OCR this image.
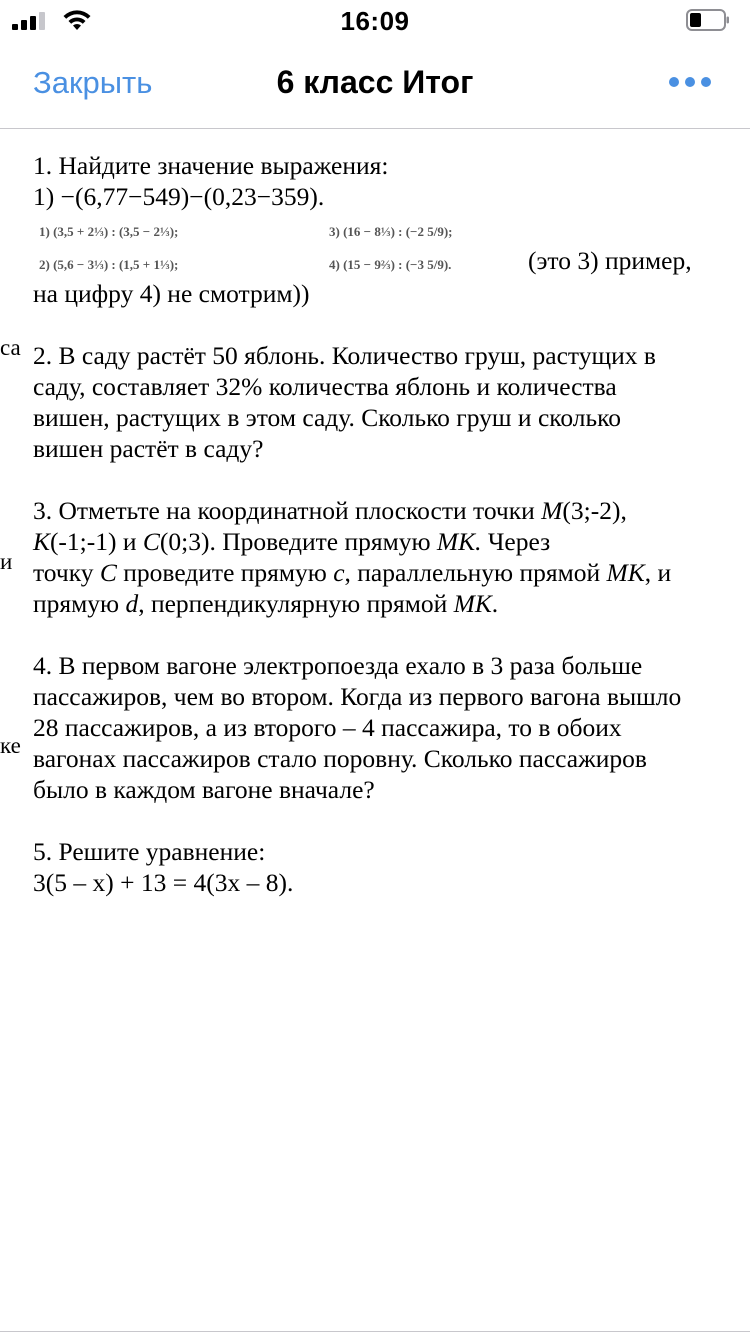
16:09
Закрыть	6 класс Итог
са
и
ке

1. Найдите значение выражения:

1) −(6,77−549)−(0,23−359).

1) (3,5 + 2⅓) : (3,5 − 2⅓);	3) (16 − 8⅓) : (−2 5/9);
2) (5,6 − 3⅓) : (1,5 + 1⅓);	4) (15 − 9⅔) : (−3 5/9).	(это 3) пример,

на цифру 4) не смотрим))

2. В саду растёт 50 яблонь. Количество груш, растущих в

саду, составляет 32% количества яблонь и количества

вишен, растущих в этом саду. Сколько груш и сколько

вишен растёт в саду?

3. Отметьте на координатной плоскости точки М(3;-2),

К(-1;-1) и С(0;3). Проведите прямую МК. Через

точку С проведите прямую с, параллельную прямой МК, и

прямую d, перпендикулярную прямой МК.

4. В первом вагоне электропоезда ехало в 3 раза больше

пассажиров, чем во втором. Когда из первого вагона вышло

28 пассажиров, а из второго – 4 пассажира, то в обоих

вагонах пассажиров стало поровну. Сколько пассажиров

было в каждом вагоне вначале?

5. Решите уравнение:

3(5 – x) + 13 = 4(3x – 8).
